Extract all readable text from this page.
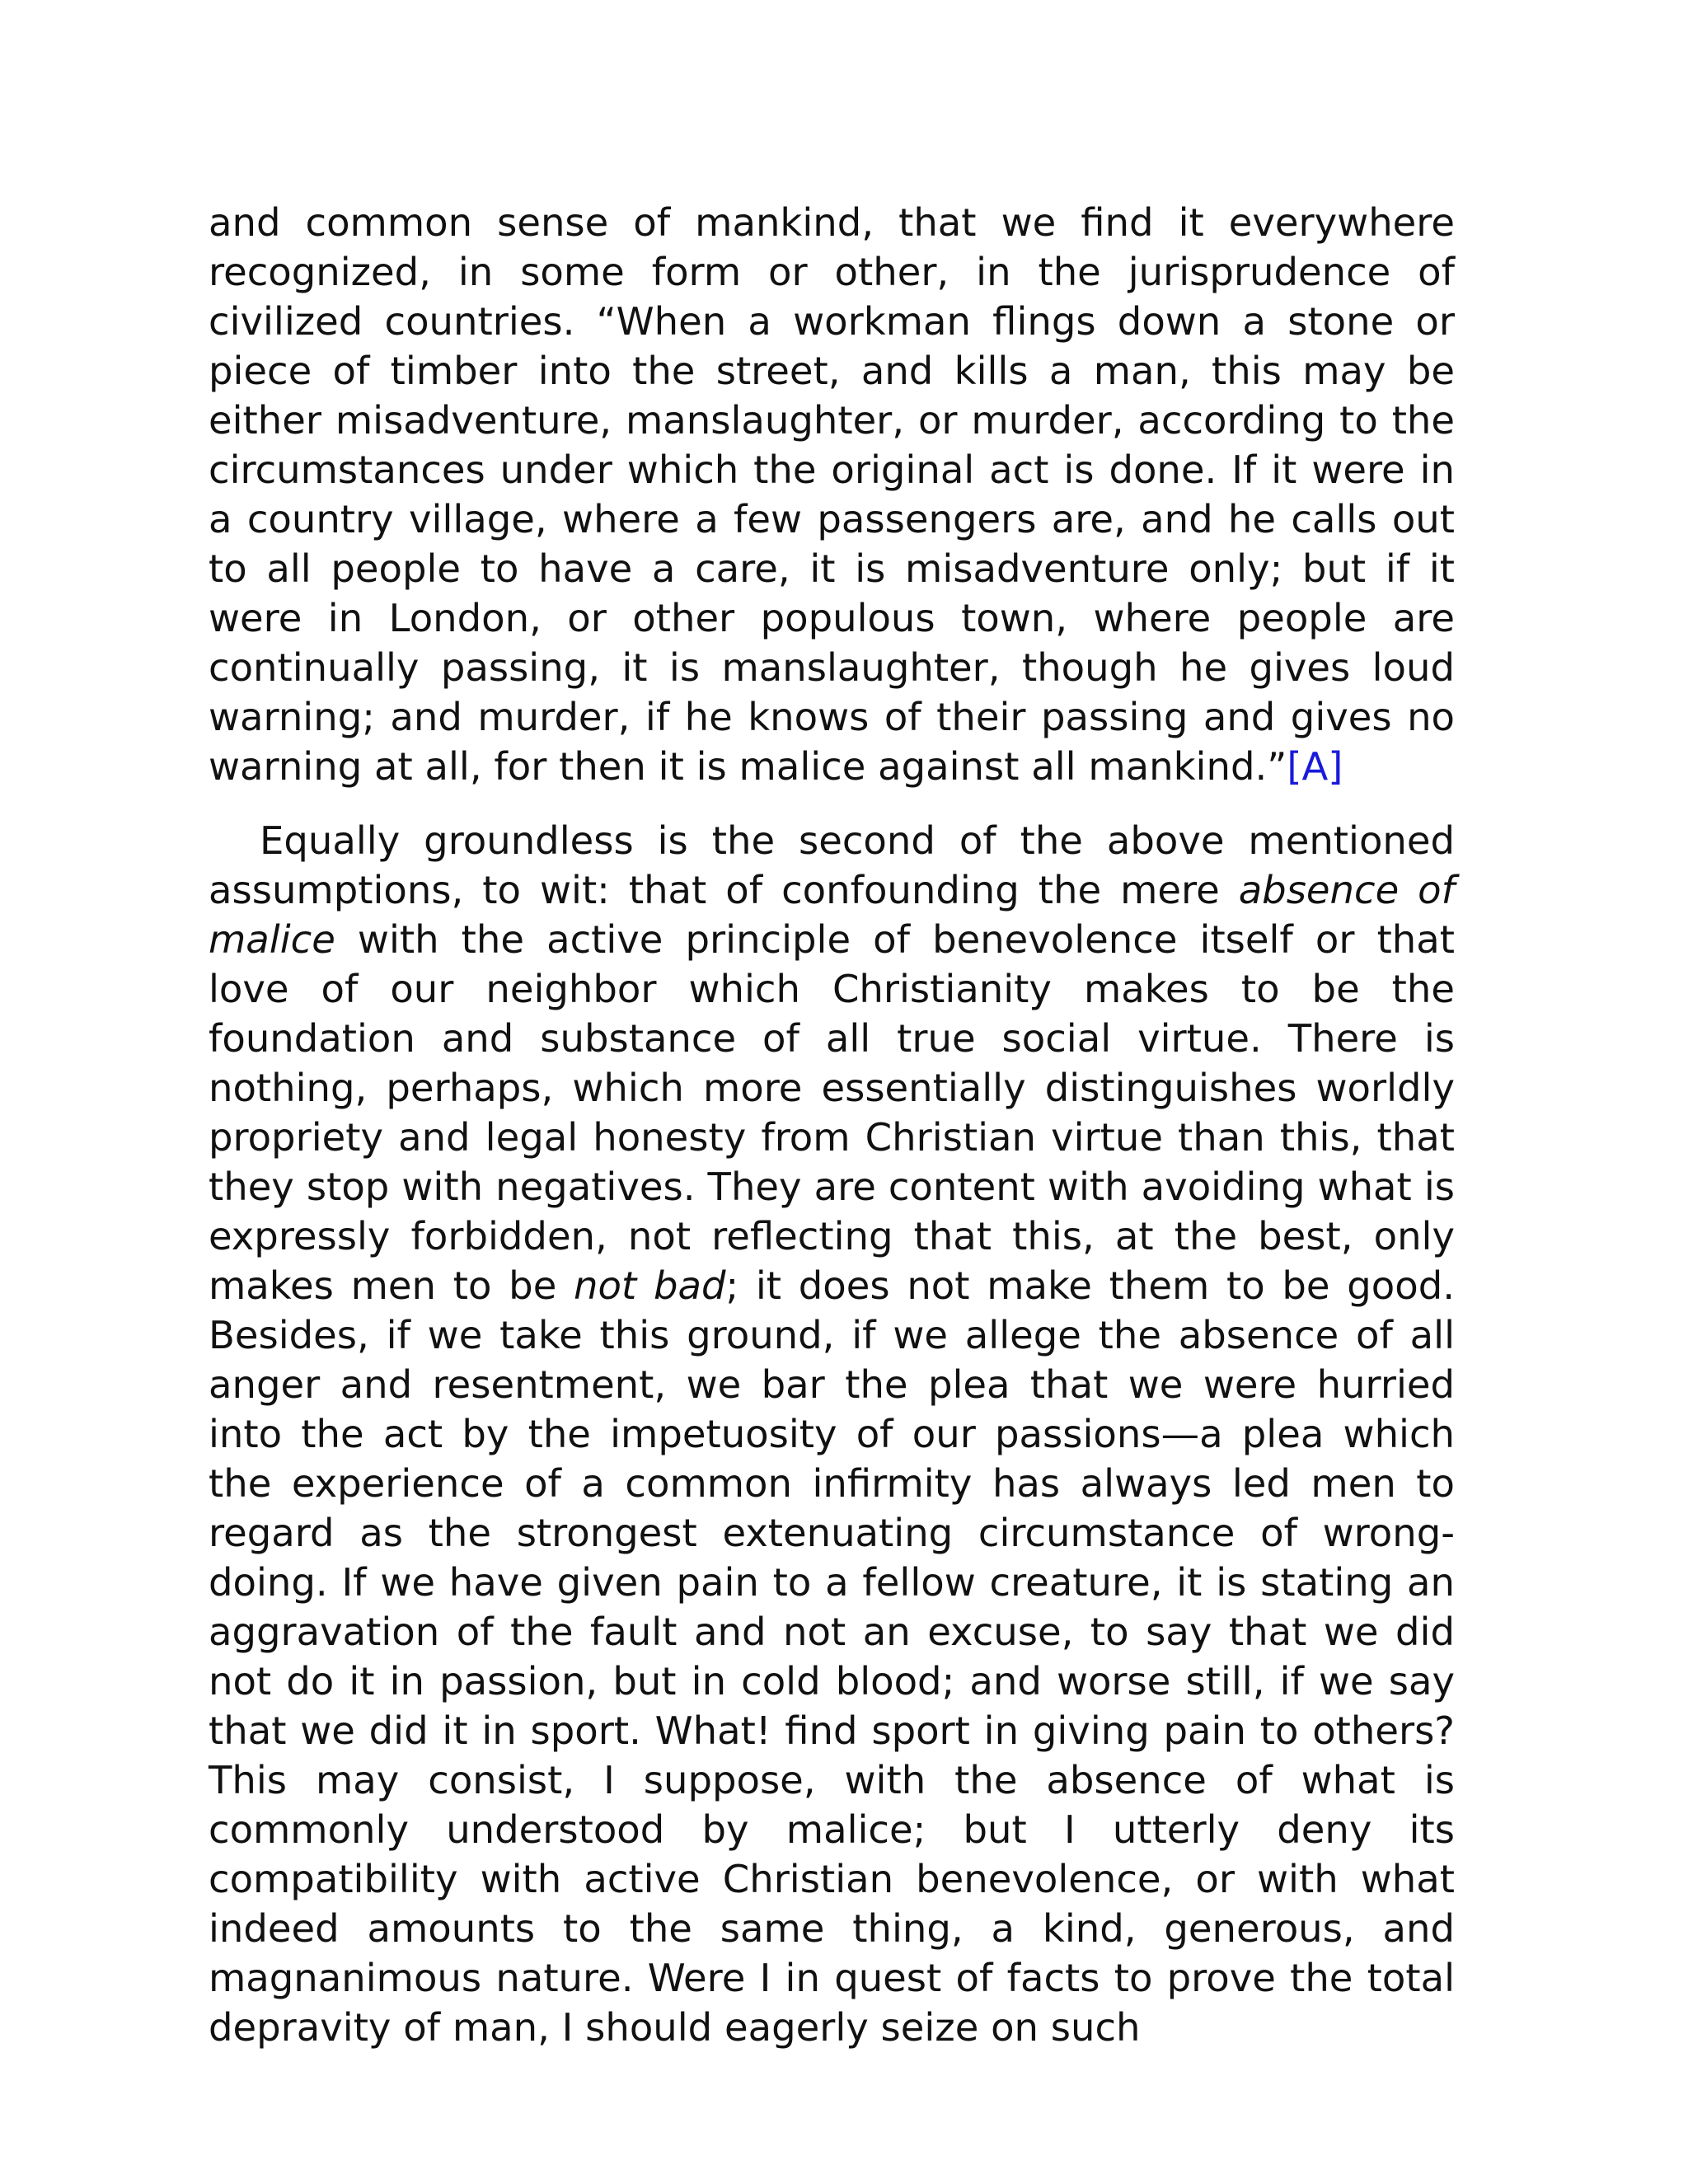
and common sense of mankind, that we find it everywhere recognized, in some form or other, in the jurisprudence of civilized countries. “When a workman flings down a stone or piece of timber into the street, and kills a man, this may be either misadventure, manslaughter, or murder, according to the circumstances under which the original act is done. If it were in a country village, where a few passengers are, and he calls out to all people to have a care, it is misadventure only; but if it were in London, or other populous town, where people are continually passing, it is manslaughter, though he gives loud warning; and murder, if he knows of their passing and gives no warning at all, for then it is malice against all mankind.”[A]

Equally groundless is the second of the above mentioned assumptions, to wit: that of confounding the mere absence of malice with the active principle of benevolence itself or that love of our neighbor which Christianity makes to be the foundation and substance of all true social virtue. There is nothing, perhaps, which more essentially distinguishes worldly propriety and legal honesty from Christian virtue than this, that they stop with negatives. They are content with avoiding what is expressly forbidden, not reflecting that this, at the best, only makes men to be not bad; it does not make them to be good. Besides, if we take this ground, if we allege the absence of all anger and resentment, we bar the plea that we were hurried into the act by the impetuosity of our passions—a plea which the experience of a common infirmity has always led men to regard as the strongest extenuating circumstance of wrong-doing. If we have given pain to a fellow creature, it is stating an aggravation of the fault and not an excuse, to say that we did not do it in passion, but in cold blood; and worse still, if we say that we did it in sport. What! find sport in giving pain to others? This may consist, I suppose, with the absence of what is commonly understood by malice; but I utterly deny its compatibility with active Christian benevolence, or with what indeed amounts to the same thing, a kind, generous, and magnanimous nature. Were I in quest of facts to prove the total depravity of man, I should eagerly seize on such
